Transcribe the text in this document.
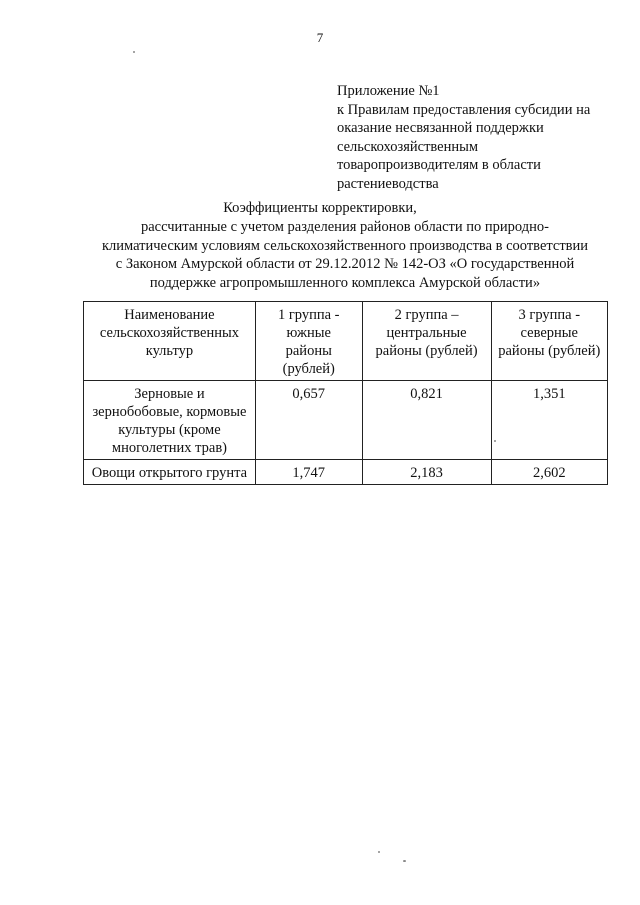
7
Приложение №1
к Правилам предоставления субсидии на
оказание несвязанной поддержки
сельскохозяйственным
товаропроизводителям в области
растениеводства
Коэффициенты корректировки,
рассчитанные с учетом разделения районов области по природно-
климатическим условиям сельскохозяйственного производства в соответствии
с Законом Амурской области от 29.12.2012 № 142-ОЗ «О государственной
поддержке агропромышленного комплекса Амурской области»
Наименование сельскохозяйственных культур	1 группа - южные районы (рублей)	2 группа – центральные районы (рублей)	3 группа - северные районы (рублей)
Зерновые и зернобобовые, кормовые культуры (кроме многолетних трав)	0,657	0,821	1,351
Овощи открытого грунта	1,747	2,183	2,602
